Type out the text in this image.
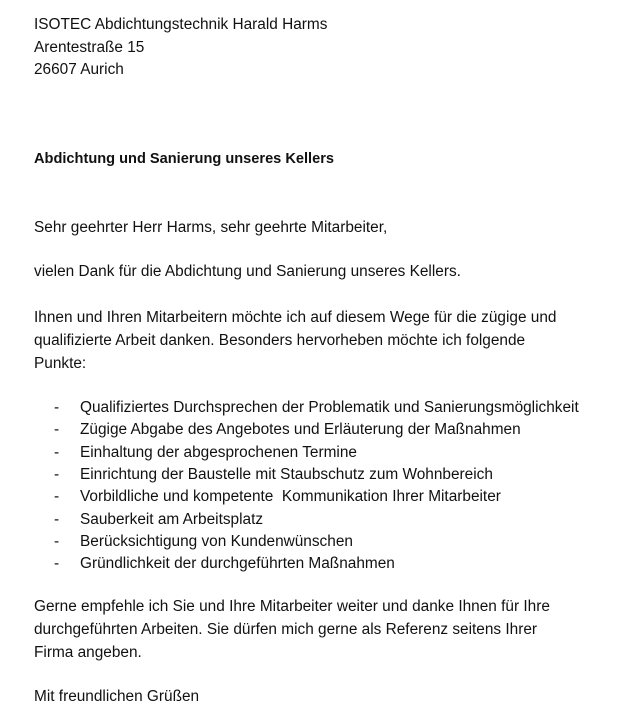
ISOTEC Abdichtungstechnik Harald Harms
Arentestraße 15
26607 Aurich
Abdichtung und Sanierung unseres Kellers
Sehr geehrter Herr Harms, sehr geehrte Mitarbeiter,
vielen Dank für die Abdichtung und Sanierung unseres Kellers.
Ihnen und Ihren Mitarbeitern möchte ich auf diesem Wege für die zügige und
qualifizierte Arbeit danken. Besonders hervorheben möchte ich folgende
Punkte:
-	Qualifiziertes Durchsprechen der Problematik und Sanierungsmöglichkeit
-	Zügige Abgabe des Angebotes und Erläuterung der Maßnahmen
-	Einhaltung der abgesprochenen Termine
-	Einrichtung der Baustelle mit Staubschutz zum Wohnbereich
-	Vorbildliche und kompetente  Kommunikation Ihrer Mitarbeiter
-	Sauberkeit am Arbeitsplatz
-	Berücksichtigung von Kundenwünschen
-	Gründlichkeit der durchgeführten Maßnahmen
Gerne empfehle ich Sie und Ihre Mitarbeiter weiter und danke Ihnen für Ihre
durchgeführten Arbeiten. Sie dürfen mich gerne als Referenz seitens Ihrer
Firma angeben.
Mit freundlichen Grüßen
